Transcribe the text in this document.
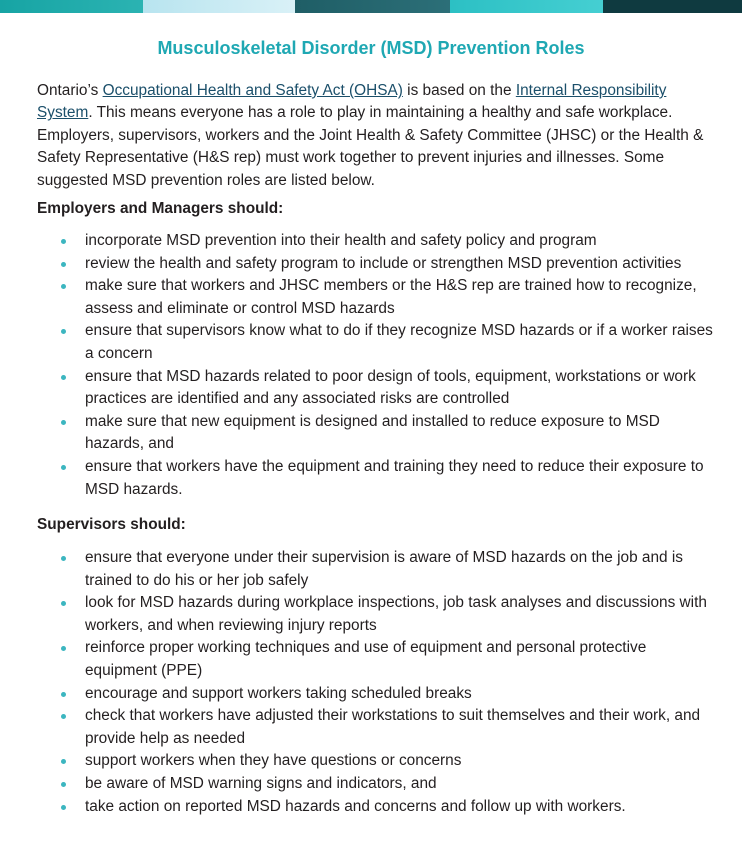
Musculoskeletal Disorder (MSD) Prevention Roles

Ontario’s Occupational Health and Safety Act (OHSA) is based on the Internal Responsibility System. This means everyone has a role to play in maintaining a healthy and safe workplace. Employers, supervisors, workers and the Joint Health & Safety Committee (JHSC) or the Health & Safety Representative (H&S rep) must work together to prevent injuries and illnesses. Some suggested MSD prevention roles are listed below.

Employers and Managers should:
incorporate MSD prevention into their health and safety policy and program
review the health and safety program to include or strengthen MSD prevention activities
make sure that workers and JHSC members or the H&S rep are trained how to recognize, assess and eliminate or control MSD hazards
ensure that supervisors know what to do if they recognize MSD hazards or if a worker raises a concern
ensure that MSD hazards related to poor design of tools, equipment, workstations or work practices are identified and any associated risks are controlled
make sure that new equipment is designed and installed to reduce exposure to MSD hazards, and
ensure that workers have the equipment and training they need to reduce their exposure to MSD hazards.
Supervisors should:
ensure that everyone under their supervision is aware of MSD hazards on the job and is trained to do his or her job safely
look for MSD hazards during workplace inspections, job task analyses and discussions with workers, and when reviewing injury reports
reinforce proper working techniques and use of equipment and personal protective equipment (PPE)
encourage and support workers taking scheduled breaks
check that workers have adjusted their workstations to suit themselves and their work, and provide help as needed
support workers when they have questions or concerns
be aware of MSD warning signs and indicators, and
take action on reported MSD hazards and concerns and follow up with workers.
